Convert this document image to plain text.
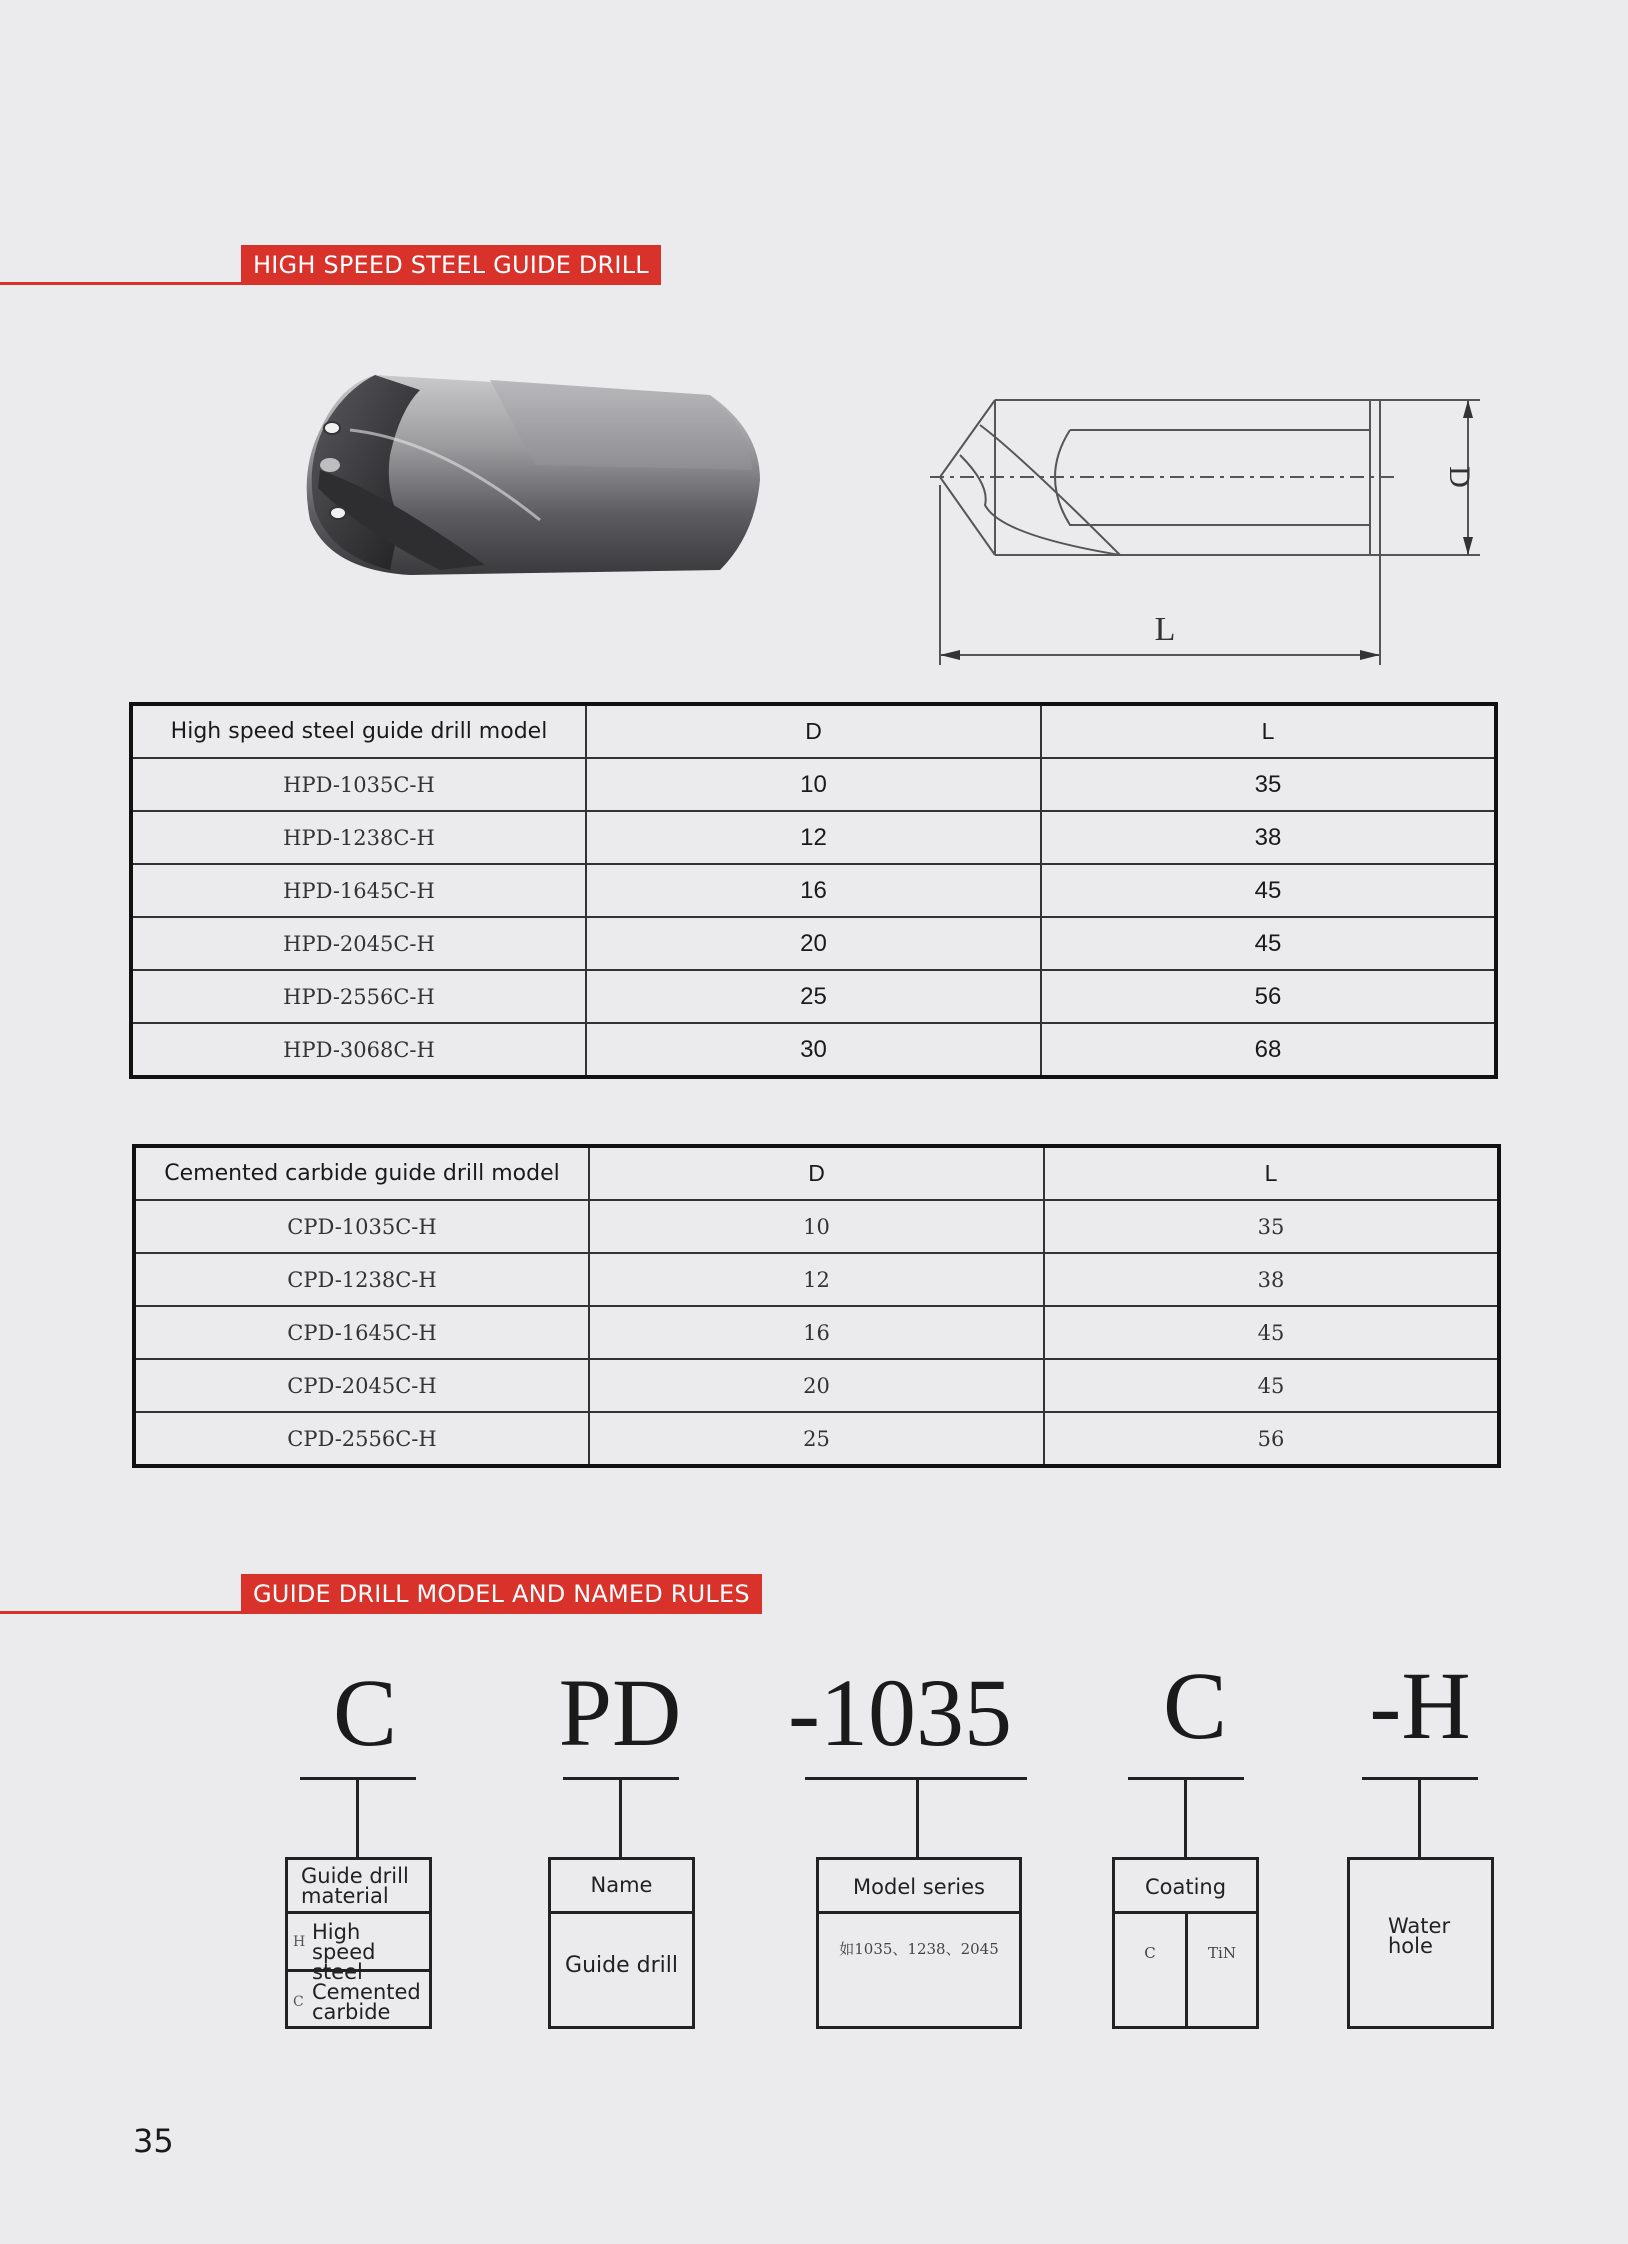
HIGH SPEED STEEL GUIDE DRILL
D
L
High speed steel guide drill model	D	L
HPD-1035C-H	10	35
HPD-1238C-H	12	38
HPD-1645C-H	16	45
HPD-2045C-H	20	45
HPD-2556C-H	25	56
HPD-3068C-H	30	68
Cemented carbide guide drill model	D	L
CPD-1035C-H	10	35
CPD-1238C-H	12	38
CPD-1645C-H	16	45
CPD-2045C-H	20	45
CPD-2556C-H	25	56
GUIDE DRILL MODEL AND NAMED RULES
C	PD -1035	C	-H
Guide drill material
H High speed steel
C Cemented carbide
Name
Guide drill
Model series
如1035、1238、2045
Coating
C	TiN
Water hole
35
